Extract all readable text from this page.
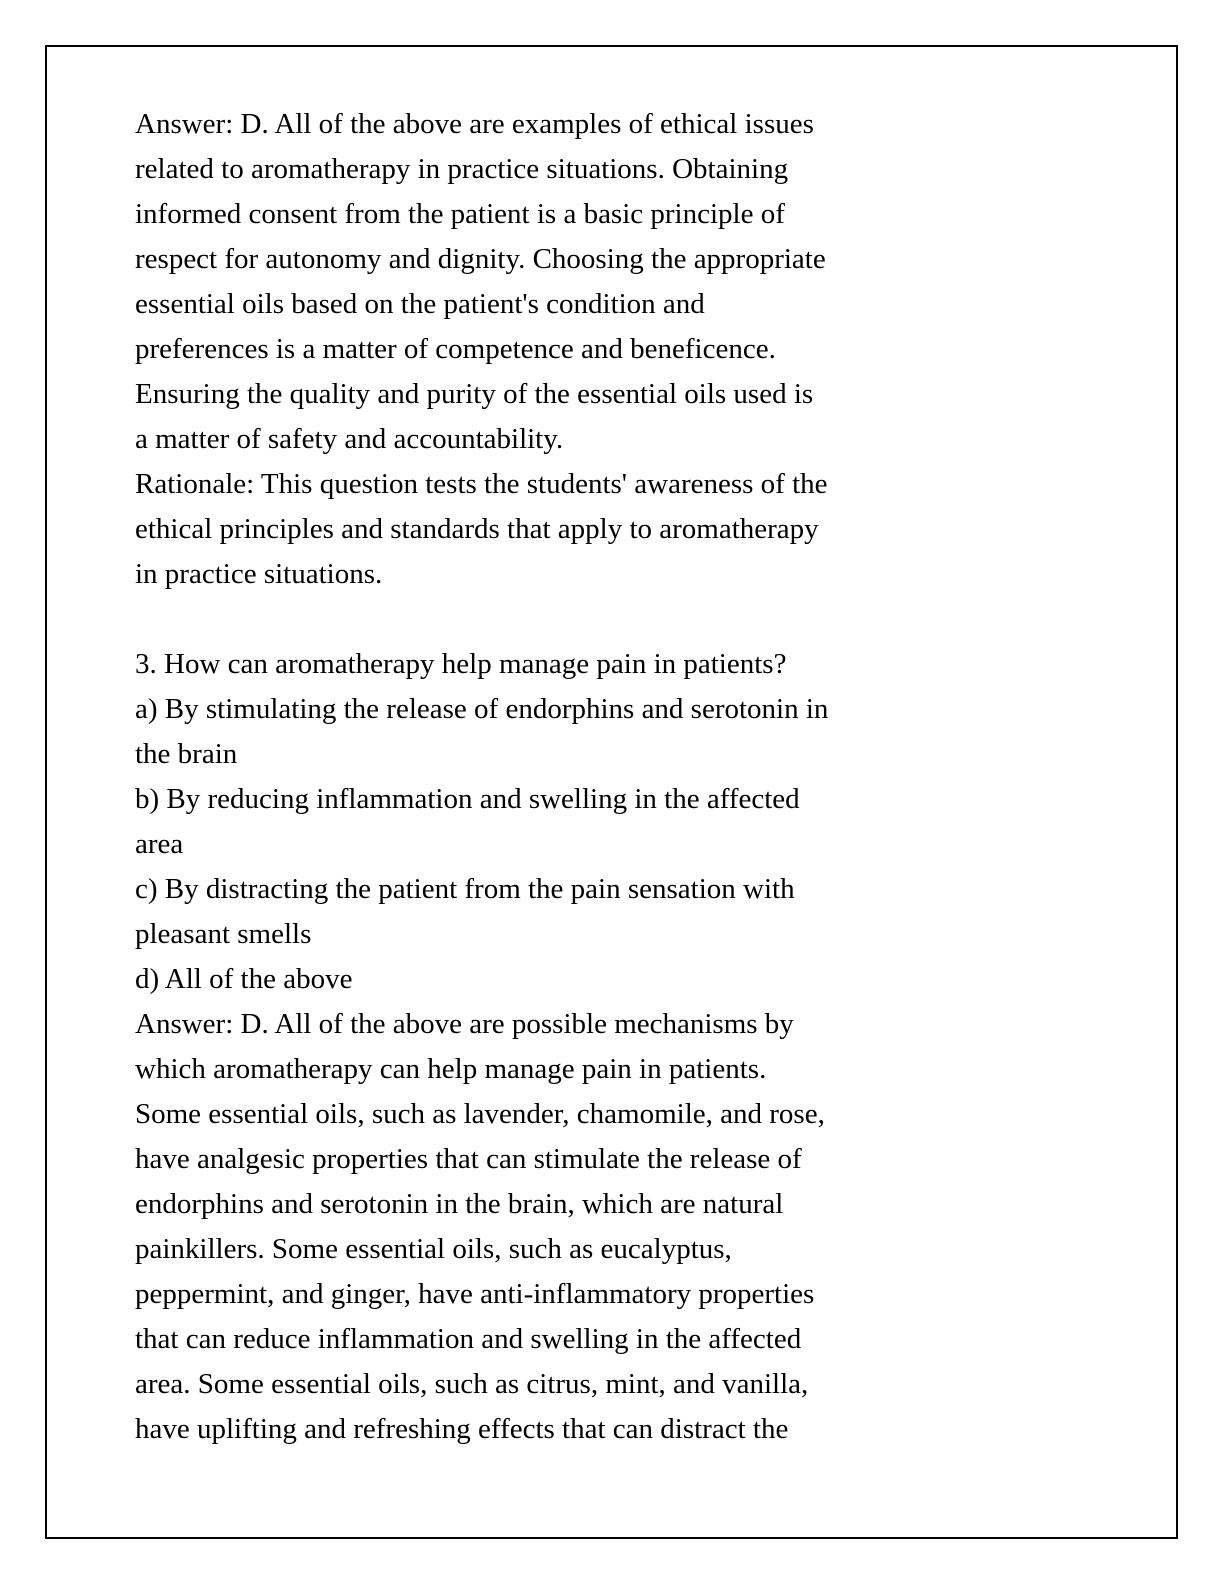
Answer: D. All of the above are examples of ethical issues
related to aromatherapy in practice situations. Obtaining
informed consent from the patient is a basic principle of
respect for autonomy and dignity. Choosing the appropriate
essential oils based on the patient's condition and
preferences is a matter of competence and beneficence.
Ensuring the quality and purity of the essential oils used is
a matter of safety and accountability.
Rationale: This question tests the students' awareness of the
ethical principles and standards that apply to aromatherapy
in practice situations.

3. How can aromatherapy help manage pain in patients?
a) By stimulating the release of endorphins and serotonin in
the brain
b) By reducing inflammation and swelling in the affected
area
c) By distracting the patient from the pain sensation with
pleasant smells
d) All of the above
Answer: D. All of the above are possible mechanisms by
which aromatherapy can help manage pain in patients.
Some essential oils, such as lavender, chamomile, and rose,
have analgesic properties that can stimulate the release of
endorphins and serotonin in the brain, which are natural
painkillers. Some essential oils, such as eucalyptus,
peppermint, and ginger, have anti-inflammatory properties
that can reduce inflammation and swelling in the affected
area. Some essential oils, such as citrus, mint, and vanilla,
have uplifting and refreshing effects that can distract the
